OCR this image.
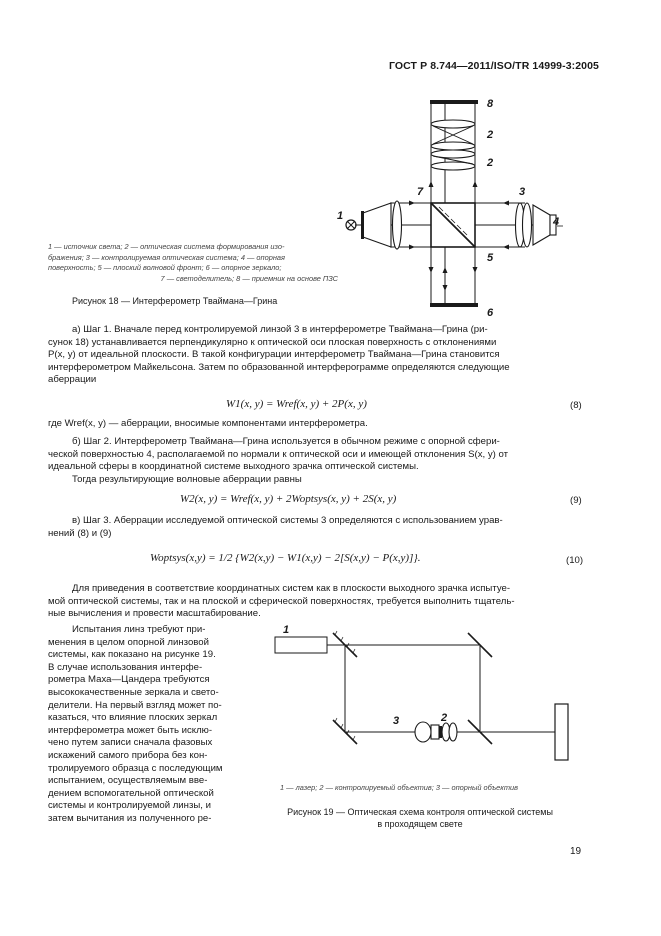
ГОСТ Р 8.744—2011/ISO/TR 14999-3:2005
8
2
2
7	3
1	4
5
6
1 — источник света; 2 — оптическая система формирования изо-
бражения; 3 — контролируемая оптическая система; 4 — опорная
поверхность; 5 — плоский волновой фронт; 6 — опорное зеркало;
7 — светоделитель; 8 — приемник на основе ПЗС
Рисунок 18 — Интерферометр Тваймана—Грина
а) Шаг 1. Вначале перед контролируемой линзой 3 в интерферометре Тваймана—Грина (ри-
сунок 18) устанавливается перпендикулярно к оптической оси плоская поверхность с отклонениями
P(x, y) от идеальной плоскости. В такой конфигурации интерферометр Тваймана—Грина становится
интерферометром Майкельсона. Затем по образованной интерферограмме определяются следующие
аберрации
W1(x, y) = Wref(x, y) + 2P(x, y)	(8)
где Wref(x, y) — аберрации, вносимые компонентами интерферометра.
б) Шаг 2. Интерферометр Тваймана—Грина используется в обычном режиме с опорной сфери-
ческой поверхностью 4, располагаемой по нормали к оптической оси и имеющей отклонения S(x, y) от
идеальной сферы в координатной системе выходного зрачка оптической системы.
Тогда результирующие волновые аберрации равны
W2(x, y) = Wref(x, y) + 2Woptsys(x, y) + 2S(x, y)	(9)
в) Шаг 3. Аберрации исследуемой оптической системы 3 определяются с использованием урав-
нений (8) и (9)
Woptsys(x,y) = 1/2 {W2(x,y) − W1(x,y) − 2[S(x,y) − P(x,y)]}.	(10)
Для приведения в соответствие координатных систем как в плоскости выходного зрачка испытуе-
мой оптической системы, так и на плоской и сферической поверхностях, требуется выполнить тщатель-
ные вычисления и провести масштабирование.
Испытания линз требуют при-
менения в целом опорной линзовой
системы, как показано на рисунке 19.
В случае использования интерфе-
рометра Маха—Цандера требуются
высококачественные зеркала и свето-
делители. На первый взгляд может по-
казаться, что влияние плоских зеркал
интерферометра может быть исклю-
чено путем записи сначала фазовых
искажений самого прибора без кон-
тролируемого образца с последующим
испытанием, осуществляемым вве-
дением вспомогательной оптической
системы и контролируемой линзы, и
затем вычитания из полученного ре-
1
3	2
1 — лазер; 2 — контролируемый объектив; 3 — опорный объектив
Рисунок 19 — Оптическая схема контроля оптической системы
в проходящем свете
19
